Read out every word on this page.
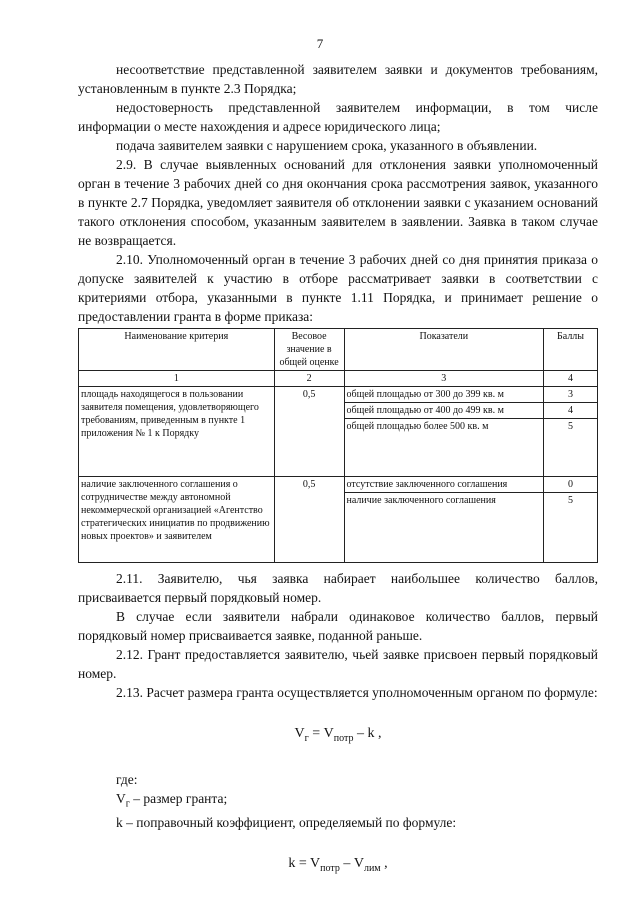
7

несоответствие представленной заявителем заявки и документов требованиям, установленным в пункте 2.3 Порядка;

недостоверность представленной заявителем информации, в том числе информации о месте нахождения и адресе юридического лица;

подача заявителем заявки с нарушением срока, указанного в объявлении.

2.9. В случае выявленных оснований для отклонения заявки уполномоченный орган в течение 3 рабочих дней со дня окончания срока рассмотрения заявок, указанного в пункте 2.7 Порядка, уведомляет заявителя об отклонении заявки с указанием оснований такого отклонения способом, указанным заявителем в заявлении. Заявка в таком случае не возвращается.

2.10. Уполномоченный орган в течение 3 рабочих дней со дня принятия приказа о допуске заявителей к участию в отборе рассматривает заявки в соответствии с критериями отбора, указанными в пункте 1.11 Порядка, и принимает решение о предоставлении гранта в форме приказа:

Наименование критерия	Весовое значение в общей оценке	Показатели	Баллы
1	2	3	4
площадь находящегося в пользовании заявителя помещения, удовлетворяющего требованиям, приведенным в пункте 1 приложения № 1 к Порядку	0,5	общей площадью от 300 до 399 кв. м	3
		общей площадью от 400 до 499 кв. м	4
		общей площадью более 500 кв. м	5
наличие заключенного соглашения о сотрудничестве между автономной некоммерческой организацией «Агентство стратегических инициатив по продвижению новых проектов» и заявителем	0,5	отсутствие заключенного соглашения	0
		наличие заключенного соглашения	5

2.11. Заявителю, чья заявка набирает наибольшее количество баллов, присваивается первый порядковый номер.

В случае если заявители набрали одинаковое количество баллов, первый порядковый номер присваивается заявке, поданной раньше.

2.12. Грант предоставляется заявителю, чьей заявке присвоен первый порядковый номер.

2.13. Расчет размера гранта осуществляется уполномоченным органом по формуле:

$V_г = V_{потр} - k$ ,

где:

$V_г$ – размер гранта;

k – поправочный коэффициент, определяемый по формуле:

$k = V_{потр} - V_{лим}$ ,
